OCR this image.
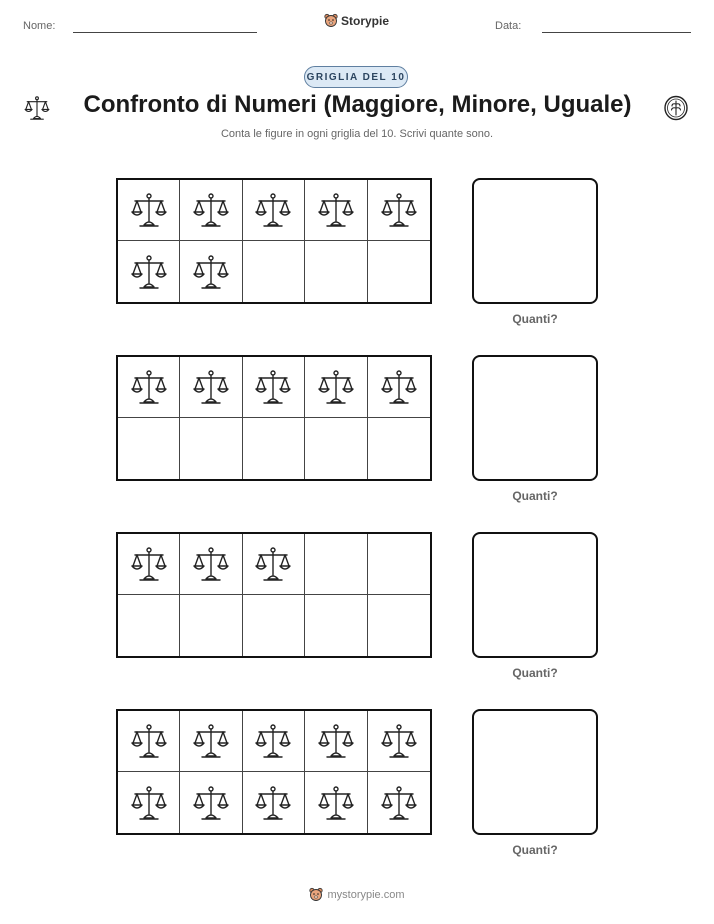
Nome:	Storypie	Data:
GRIGLIA DEL 10
Confronto di Numeri (Maggiore, Minore, Uguale)
Conta le figure in ogni griglia del 10. Scrivi quante sono.
Quanti?
Quanti?
Quanti?
Quanti?
mystorypie.com
